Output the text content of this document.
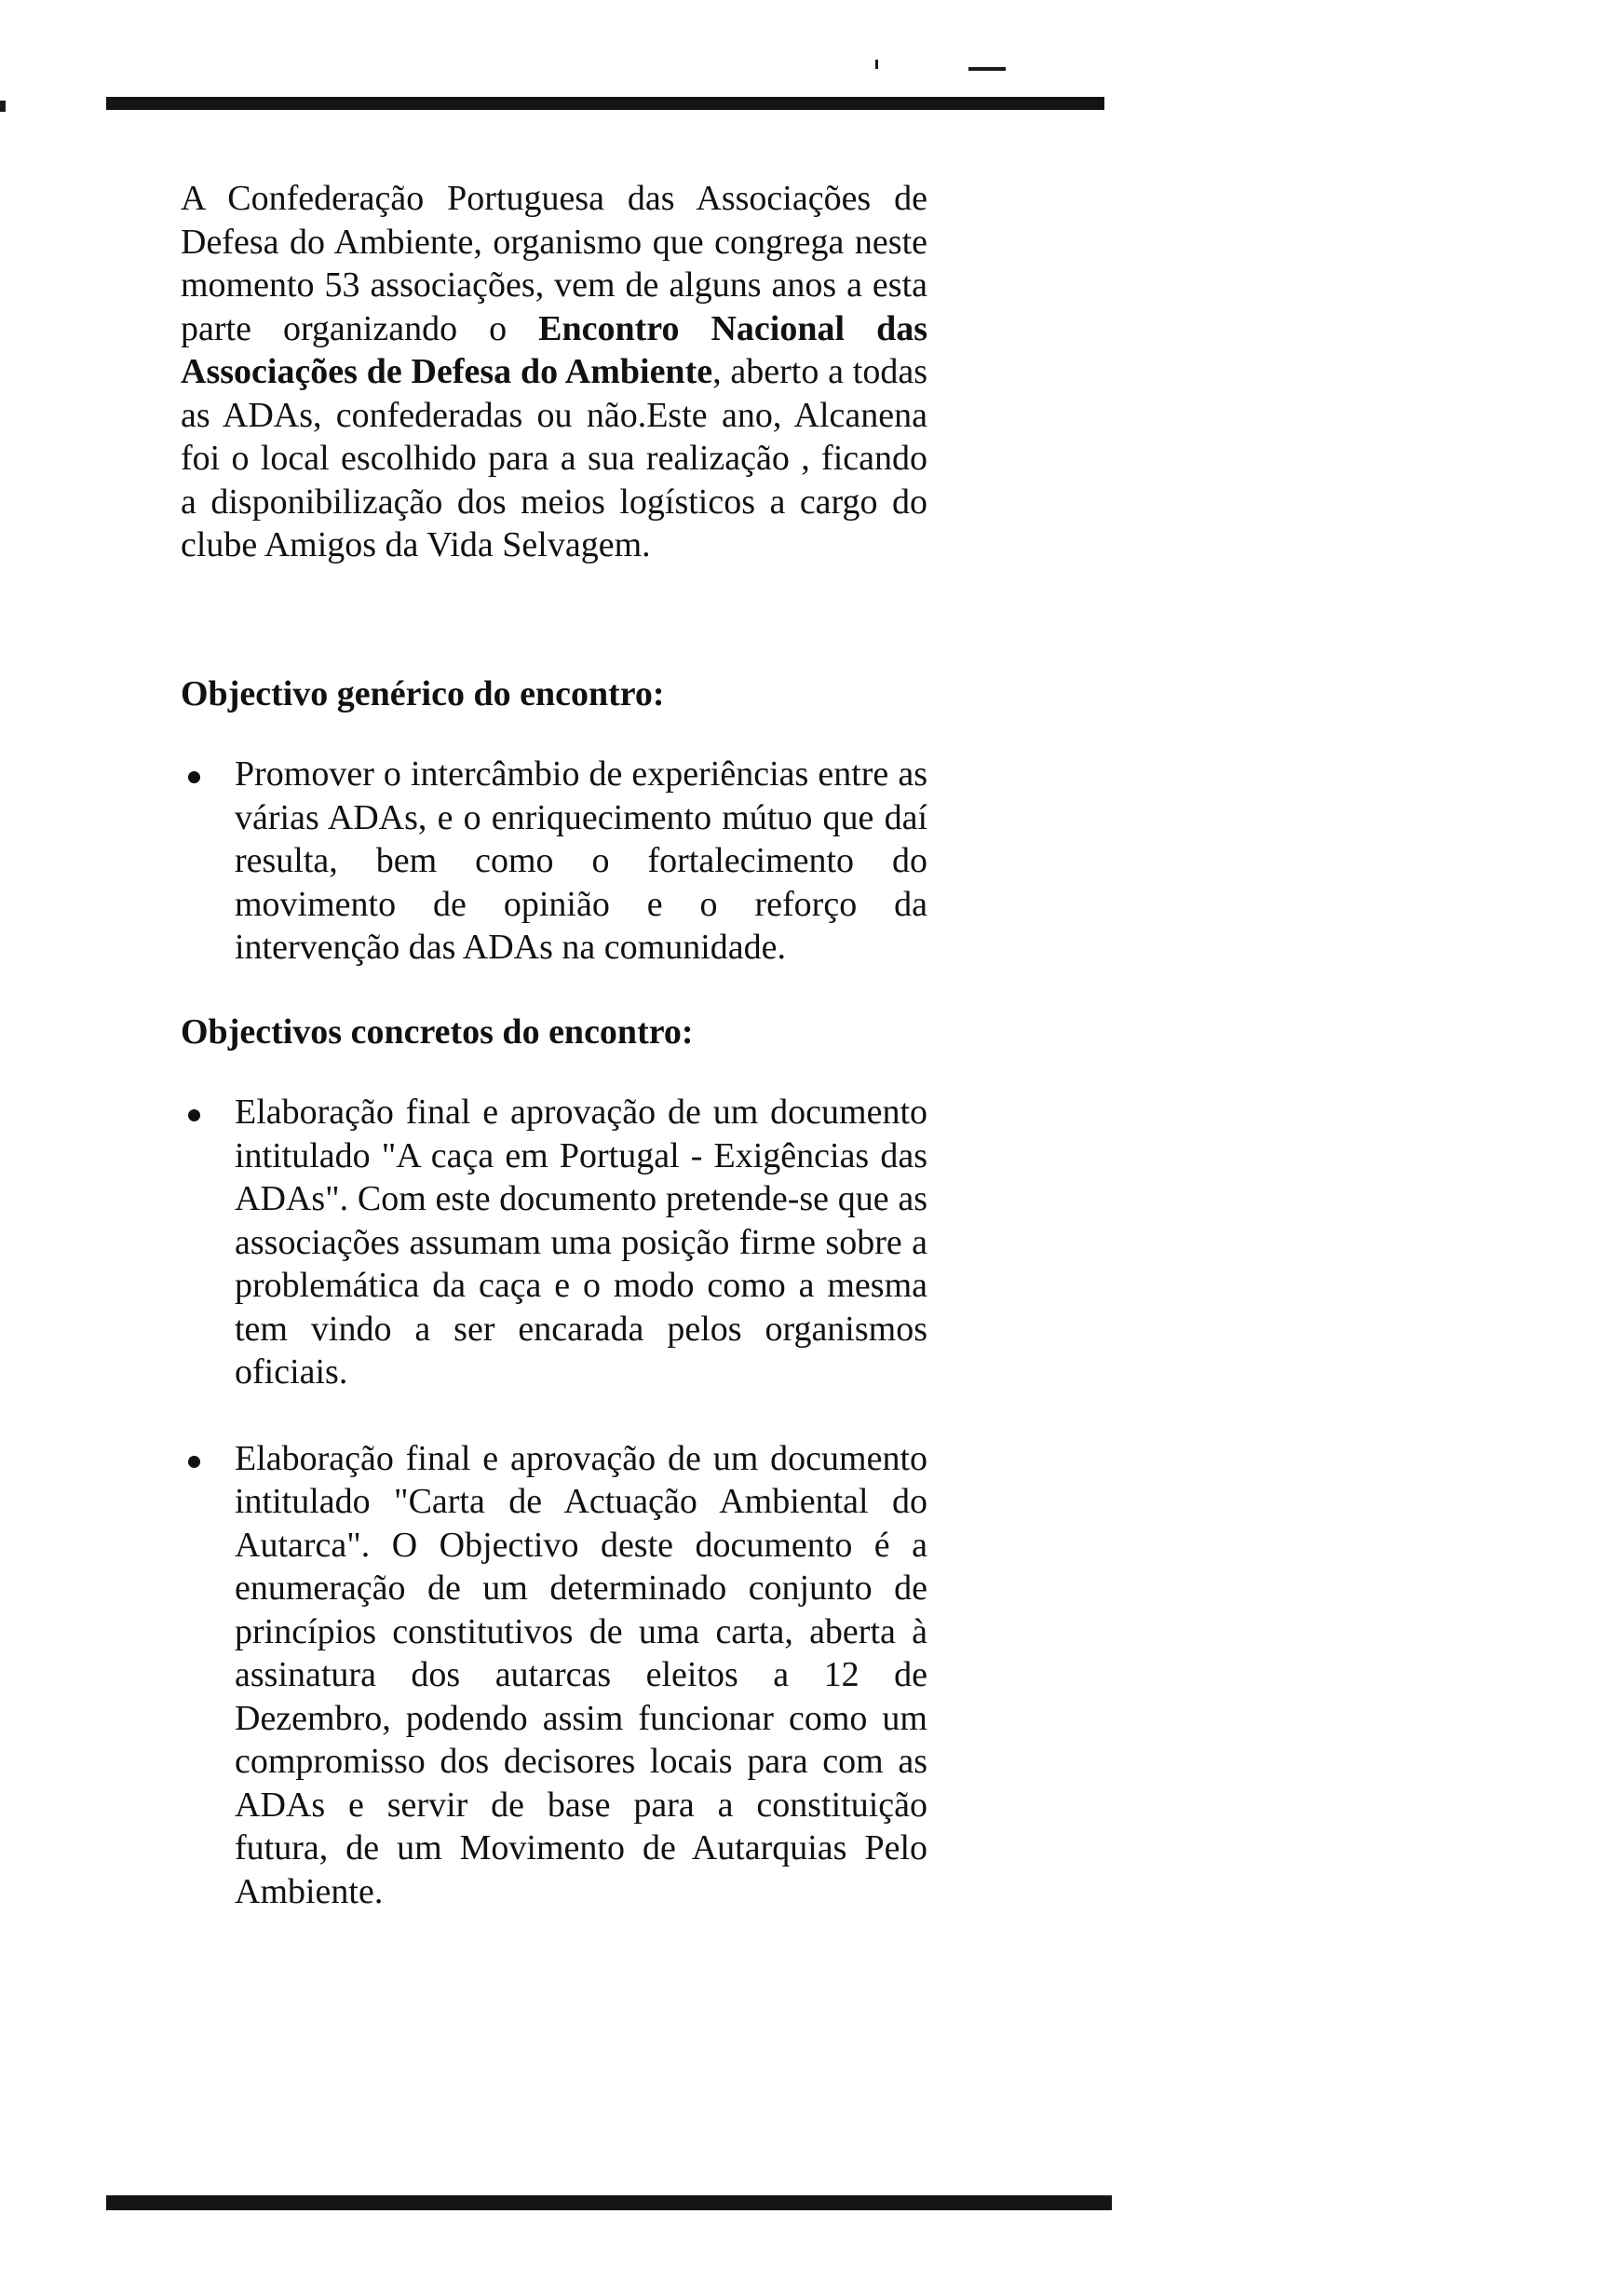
A Confederação Portuguesa das Associações de Defesa do Ambiente, organismo que congrega neste momento 53 associações, vem de alguns anos a esta parte organizando o Encontro Nacional das Associações de Defesa do Ambiente, aberto a todas as ADAs, confederadas ou não.Este ano, Alcanena foi o local escolhido para a sua realização , ficando a disponibilização dos meios logísticos a cargo do clube Amigos da Vida Selvagem.

Objectivo genérico do encontro:
Promover o intercâmbio de experiências entre as várias ADAs, e o enriquecimento mútuo que daí resulta, bem como o fortalecimento do movimento de opinião e o reforço da intervenção das ADAs na comunidade.
Objectivos concretos do encontro:
Elaboração final e aprovação de um documento intitulado "A caça em Portugal - Exigências das ADAs". Com este documento pretende-se que as associações assumam uma posição firme sobre a problemática da caça e o modo como a mesma tem vindo a ser encarada pelos organismos oficiais.
Elaboração final e aprovação de um documento intitulado "Carta de Actuação Ambiental do Autarca". O Objectivo deste documento é a enumeração de um determinado conjunto de princípios constitutivos de uma carta, aberta à assinatura dos autarcas eleitos a 12 de Dezembro, podendo assim funcionar como um compromisso dos decisores locais para com as ADAs e servir de base para a constituição futura, de um Movimento de Autarquias Pelo Ambiente.
